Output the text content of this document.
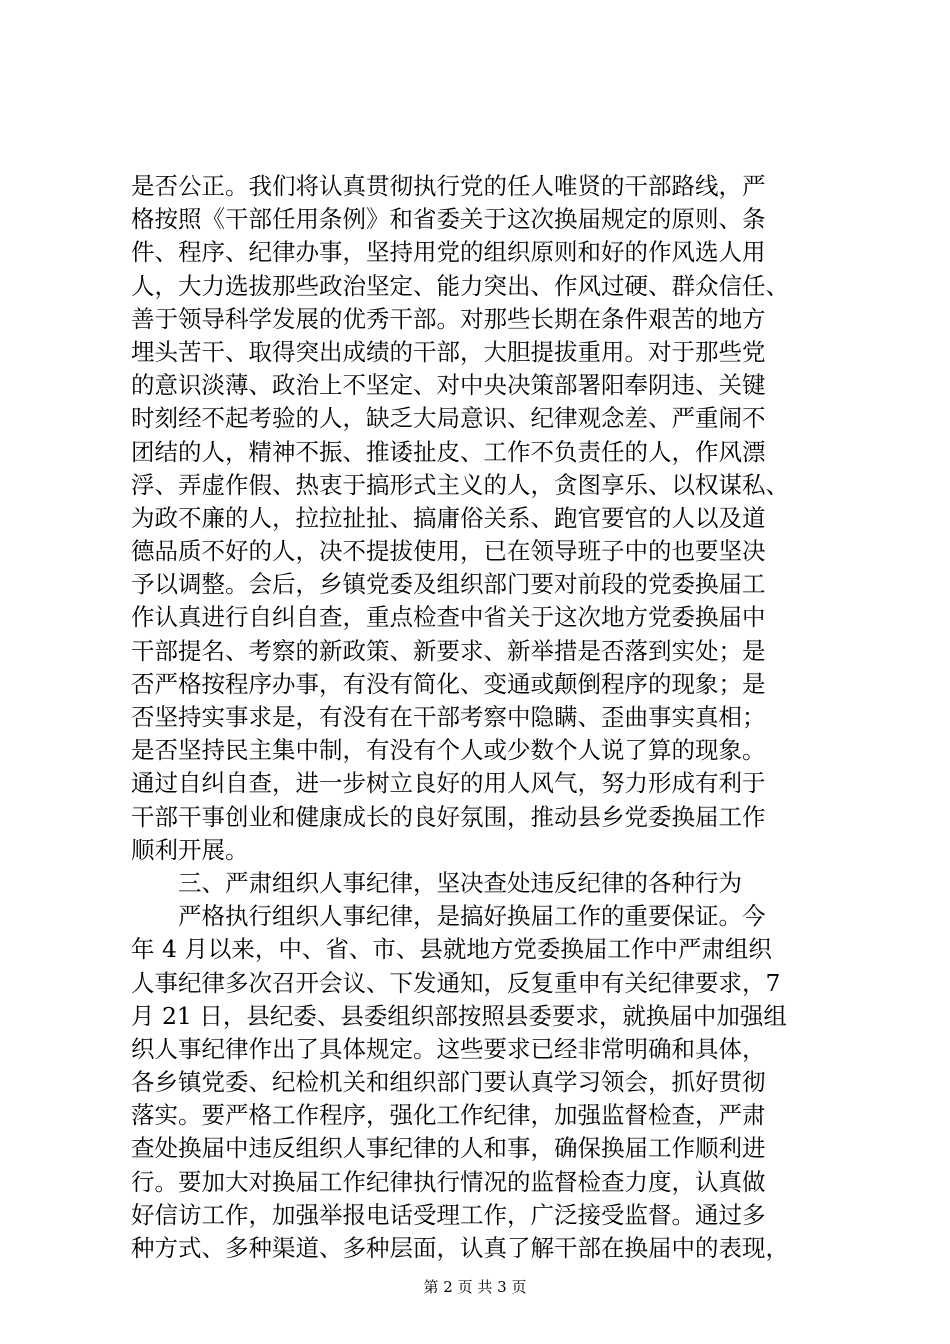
是否公正。我们将认真贯彻执行党的任人唯贤的干部路线，严
格按照《干部任用条例》和省委关于这次换届规定的原则、条
件、程序、纪律办事，坚持用党的组织原则和好的作风选人用
人，大力选拔那些政治坚定、能力突出、作风过硬、群众信任、
善于领导科学发展的优秀干部。对那些长期在条件艰苦的地方
埋头苦干、取得突出成绩的干部，大胆提拔重用。对于那些党
的意识淡薄、政治上不坚定、对中央决策部署阳奉阴违、关键
时刻经不起考验的人，缺乏大局意识、纪律观念差、严重闹不
团结的人，精神不振、推诿扯皮、工作不负责任的人，作风漂
浮、弄虚作假、热衷于搞形式主义的人，贪图享乐、以权谋私、
为政不廉的人，拉拉扯扯、搞庸俗关系、跑官要官的人以及道
德品质不好的人，决不提拔使用，已在领导班子中的也要坚决
予以调整。会后，乡镇党委及组织部门要对前段的党委换届工
作认真进行自纠自查，重点检查中省关于这次地方党委换届中
干部提名、考察的新政策、新要求、新举措是否落到实处；是
否严格按程序办事，有没有简化、变通或颠倒程序的现象；是
否坚持实事求是，有没有在干部考察中隐瞒、歪曲事实真相；
是否坚持民主集中制，有没有个人或少数个人说了算的现象。
通过自纠自查，进一步树立良好的用人风气，努力形成有利于
干部干事创业和健康成长的良好氛围，推动县乡党委换届工作
顺利开展。
　　三、严肃组织人事纪律，坚决查处违反纪律的各种行为
　　严格执行组织人事纪律，是搞好换届工作的重要保证。今
年 4 月以来，中、省、市、县就地方党委换届工作中严肃组织
人事纪律多次召开会议、下发通知，反复重申有关纪律要求，7
月 21 日，县纪委、县委组织部按照县委要求，就换届中加强组
织人事纪律作出了具体规定。这些要求已经非常明确和具体，
各乡镇党委、纪检机关和组织部门要认真学习领会，抓好贯彻
落实。要严格工作程序，强化工作纪律，加强监督检查，严肃
查处换届中违反组织人事纪律的人和事，确保换届工作顺利进
行。要加大对换届工作纪律执行情况的监督检查力度，认真做
好信访工作，加强举报电话受理工作，广泛接受监督。通过多
种方式、多种渠道、多种层面，认真了解干部在换届中的表现，
第 2 页 共 3 页
